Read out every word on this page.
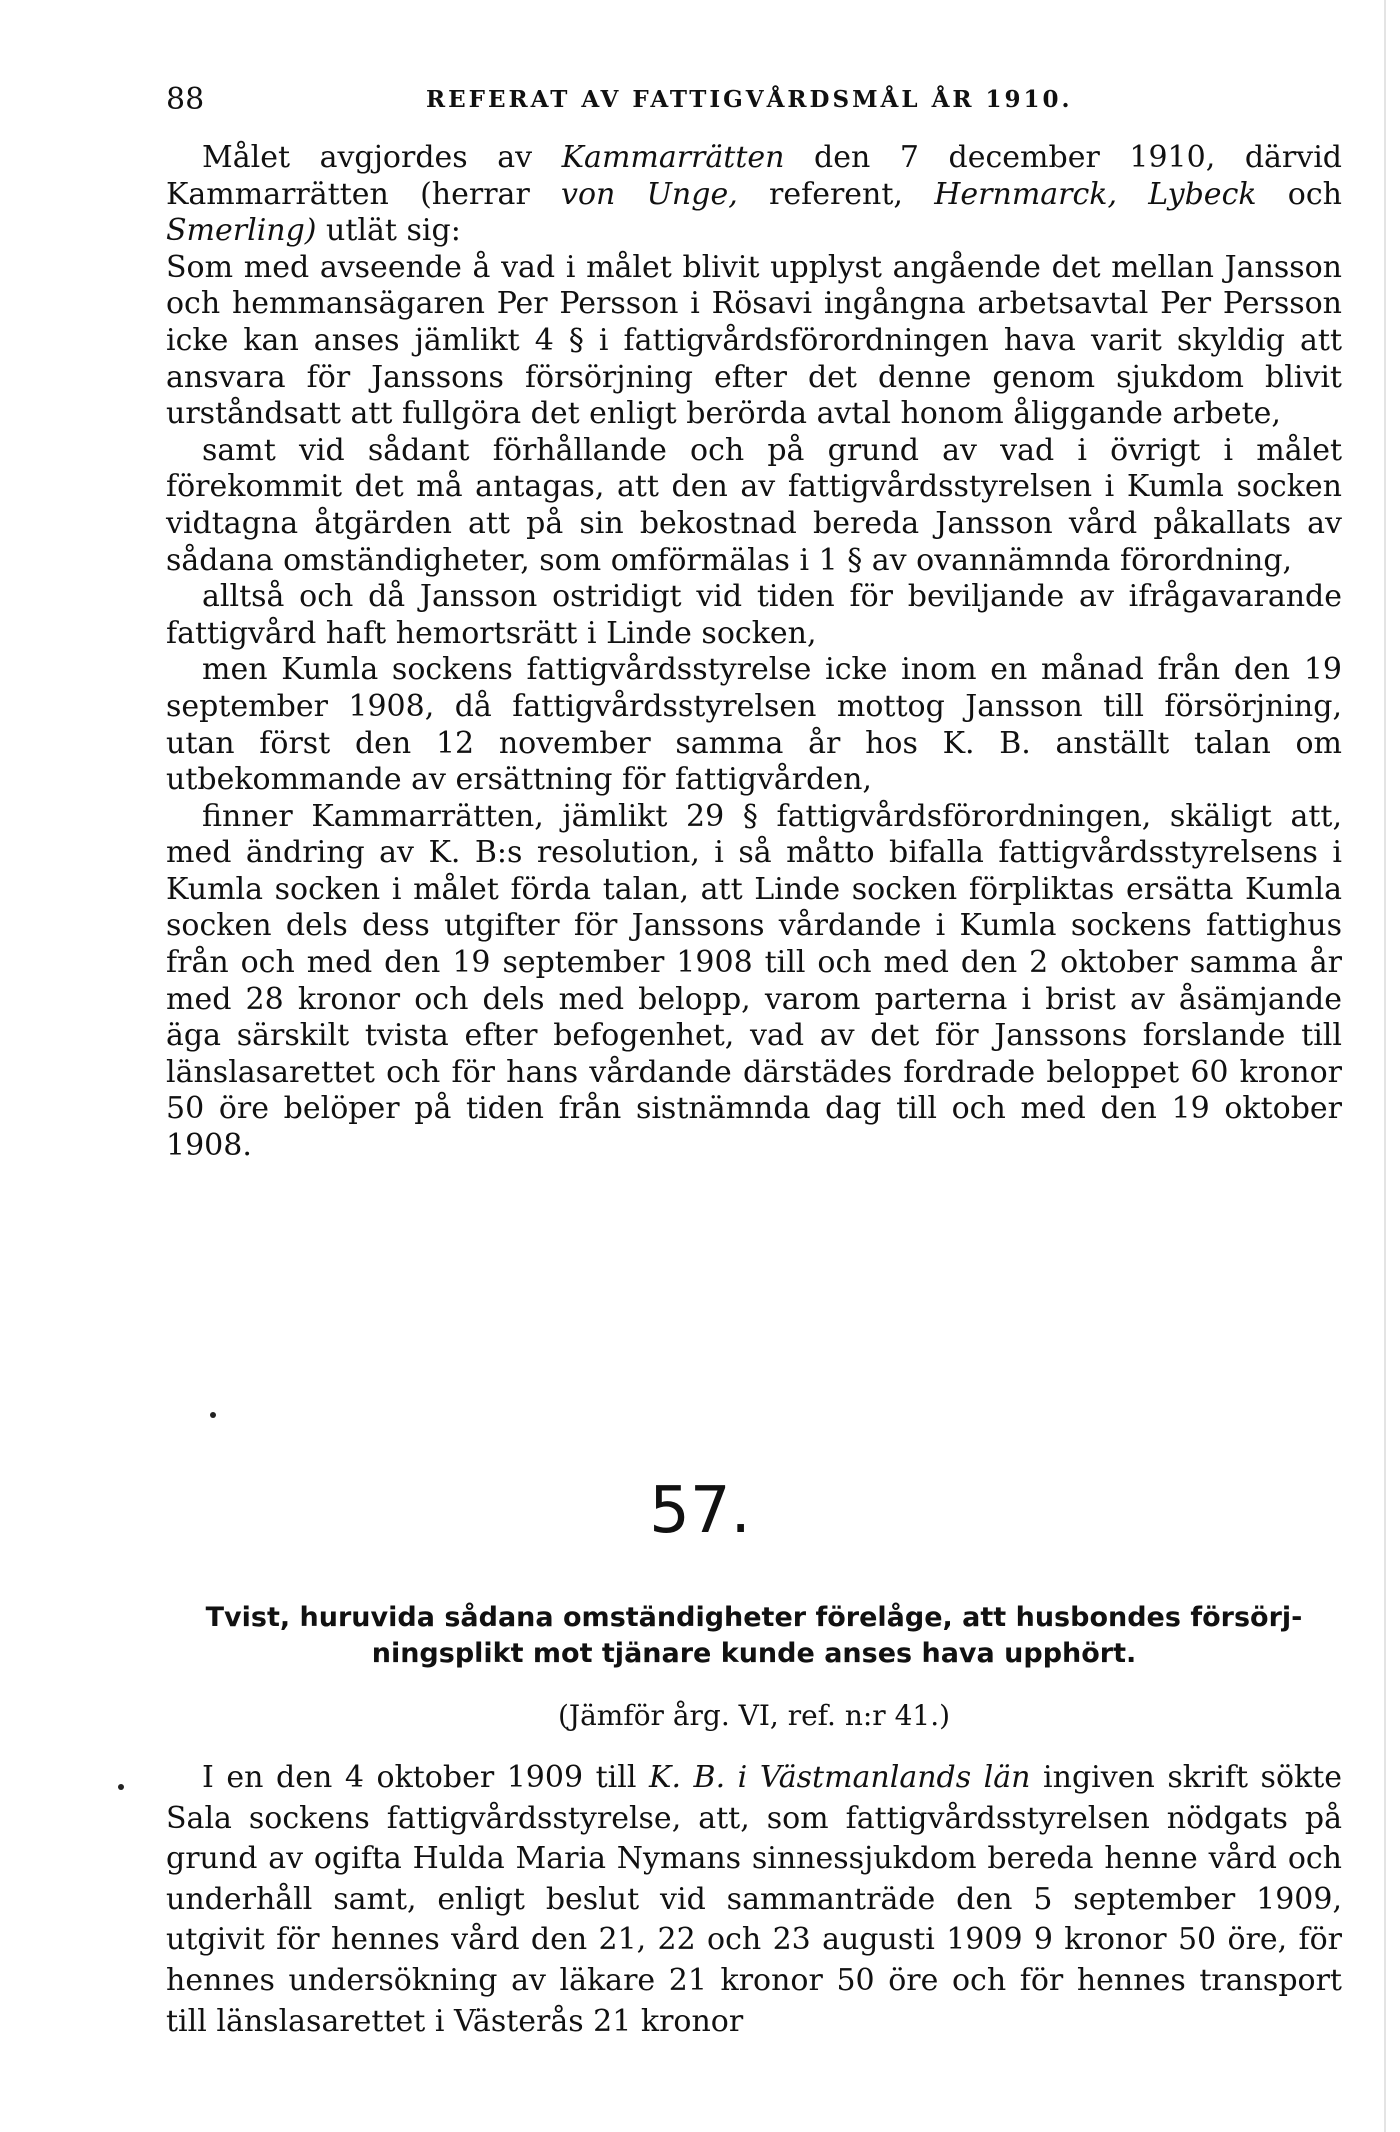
88	REFERAT AV FATTIGVÅRDSMÅL ÅR 1910.

Målet avgjordes av Kammarrätten den 7 december 1910, därvid Kammarrätten (herrar von Unge, referent, Hernmarck, Lybeck och Smerling) utlät sig:

Som med avseende å vad i målet blivit upplyst angående det mellan Jansson och hemmansägaren Per Persson i Rösavi ingångna arbetsavtal Per Persson icke kan anses jämlikt 4 § i fattigvårdsförordningen hava varit skyldig att ansvara för Janssons försörjning efter det denne genom sjukdom blivit urståndsatt att fullgöra det enligt berörda avtal honom åliggande arbete,

samt vid sådant förhållande och på grund av vad i övrigt i målet förekommit det må antagas, att den av fattigvårdsstyrelsen i Kumla socken vidtagna åtgärden att på sin bekostnad bereda Jansson vård påkallats av sådana omständigheter, som omförmälas i 1 § av ovannämnda förordning,

alltså och då Jansson ostridigt vid tiden för beviljande av ifrågavarande fattigvård haft hemortsrätt i Linde socken,

men Kumla sockens fattigvårdsstyrelse icke inom en månad från den 19 september 1908, då fattigvårdsstyrelsen mottog Jansson till försörjning, utan först den 12 november samma år hos K. B. anställt talan om utbekommande av ersättning för fattigvården,

finner Kammarrätten, jämlikt 29 § fattigvårdsförordningen, skäligt att, med ändring av K. B:s resolution, i så måtto bifalla fattigvårdsstyrelsens i Kumla socken i målet förda talan, att Linde socken förpliktas ersätta Kumla socken dels dess utgifter för Janssons vårdande i Kumla sockens fattighus från och med den 19 september 1908 till och med den 2 oktober samma år med 28 kronor och dels med belopp, varom parterna i brist av åsämjande äga särskilt tvista efter befogenhet, vad av det för Janssons forslande till länslasarettet och för hans vårdande därstädes fordrade beloppet 60 kronor 50 öre belöper på tiden från sistnämnda dag till och med den 19 oktober 1908.

57.
Tvist, huruvida sådana omständigheter förelåge, att husbondes försörj-
ningsplikt mot tjänare kunde anses hava upphört.
(Jämför årg. VI, ref. n:r 41.)

I en den 4 oktober 1909 till K. B. i Västmanlands län ingiven skrift sökte Sala sockens fattigvårdsstyrelse, att, som fattigvårdsstyrelsen nödgats på grund av ogifta Hulda Maria Nymans sinnessjukdom bereda henne vård och underhåll samt, enligt beslut vid sammanträde den 5 september 1909, utgivit för hennes vård den 21, 22 och 23 augusti 1909 9 kronor 50 öre, för hennes undersökning av läkare 21 kronor 50 öre och för hennes transport till länslasarettet i Västerås 21 kronor
